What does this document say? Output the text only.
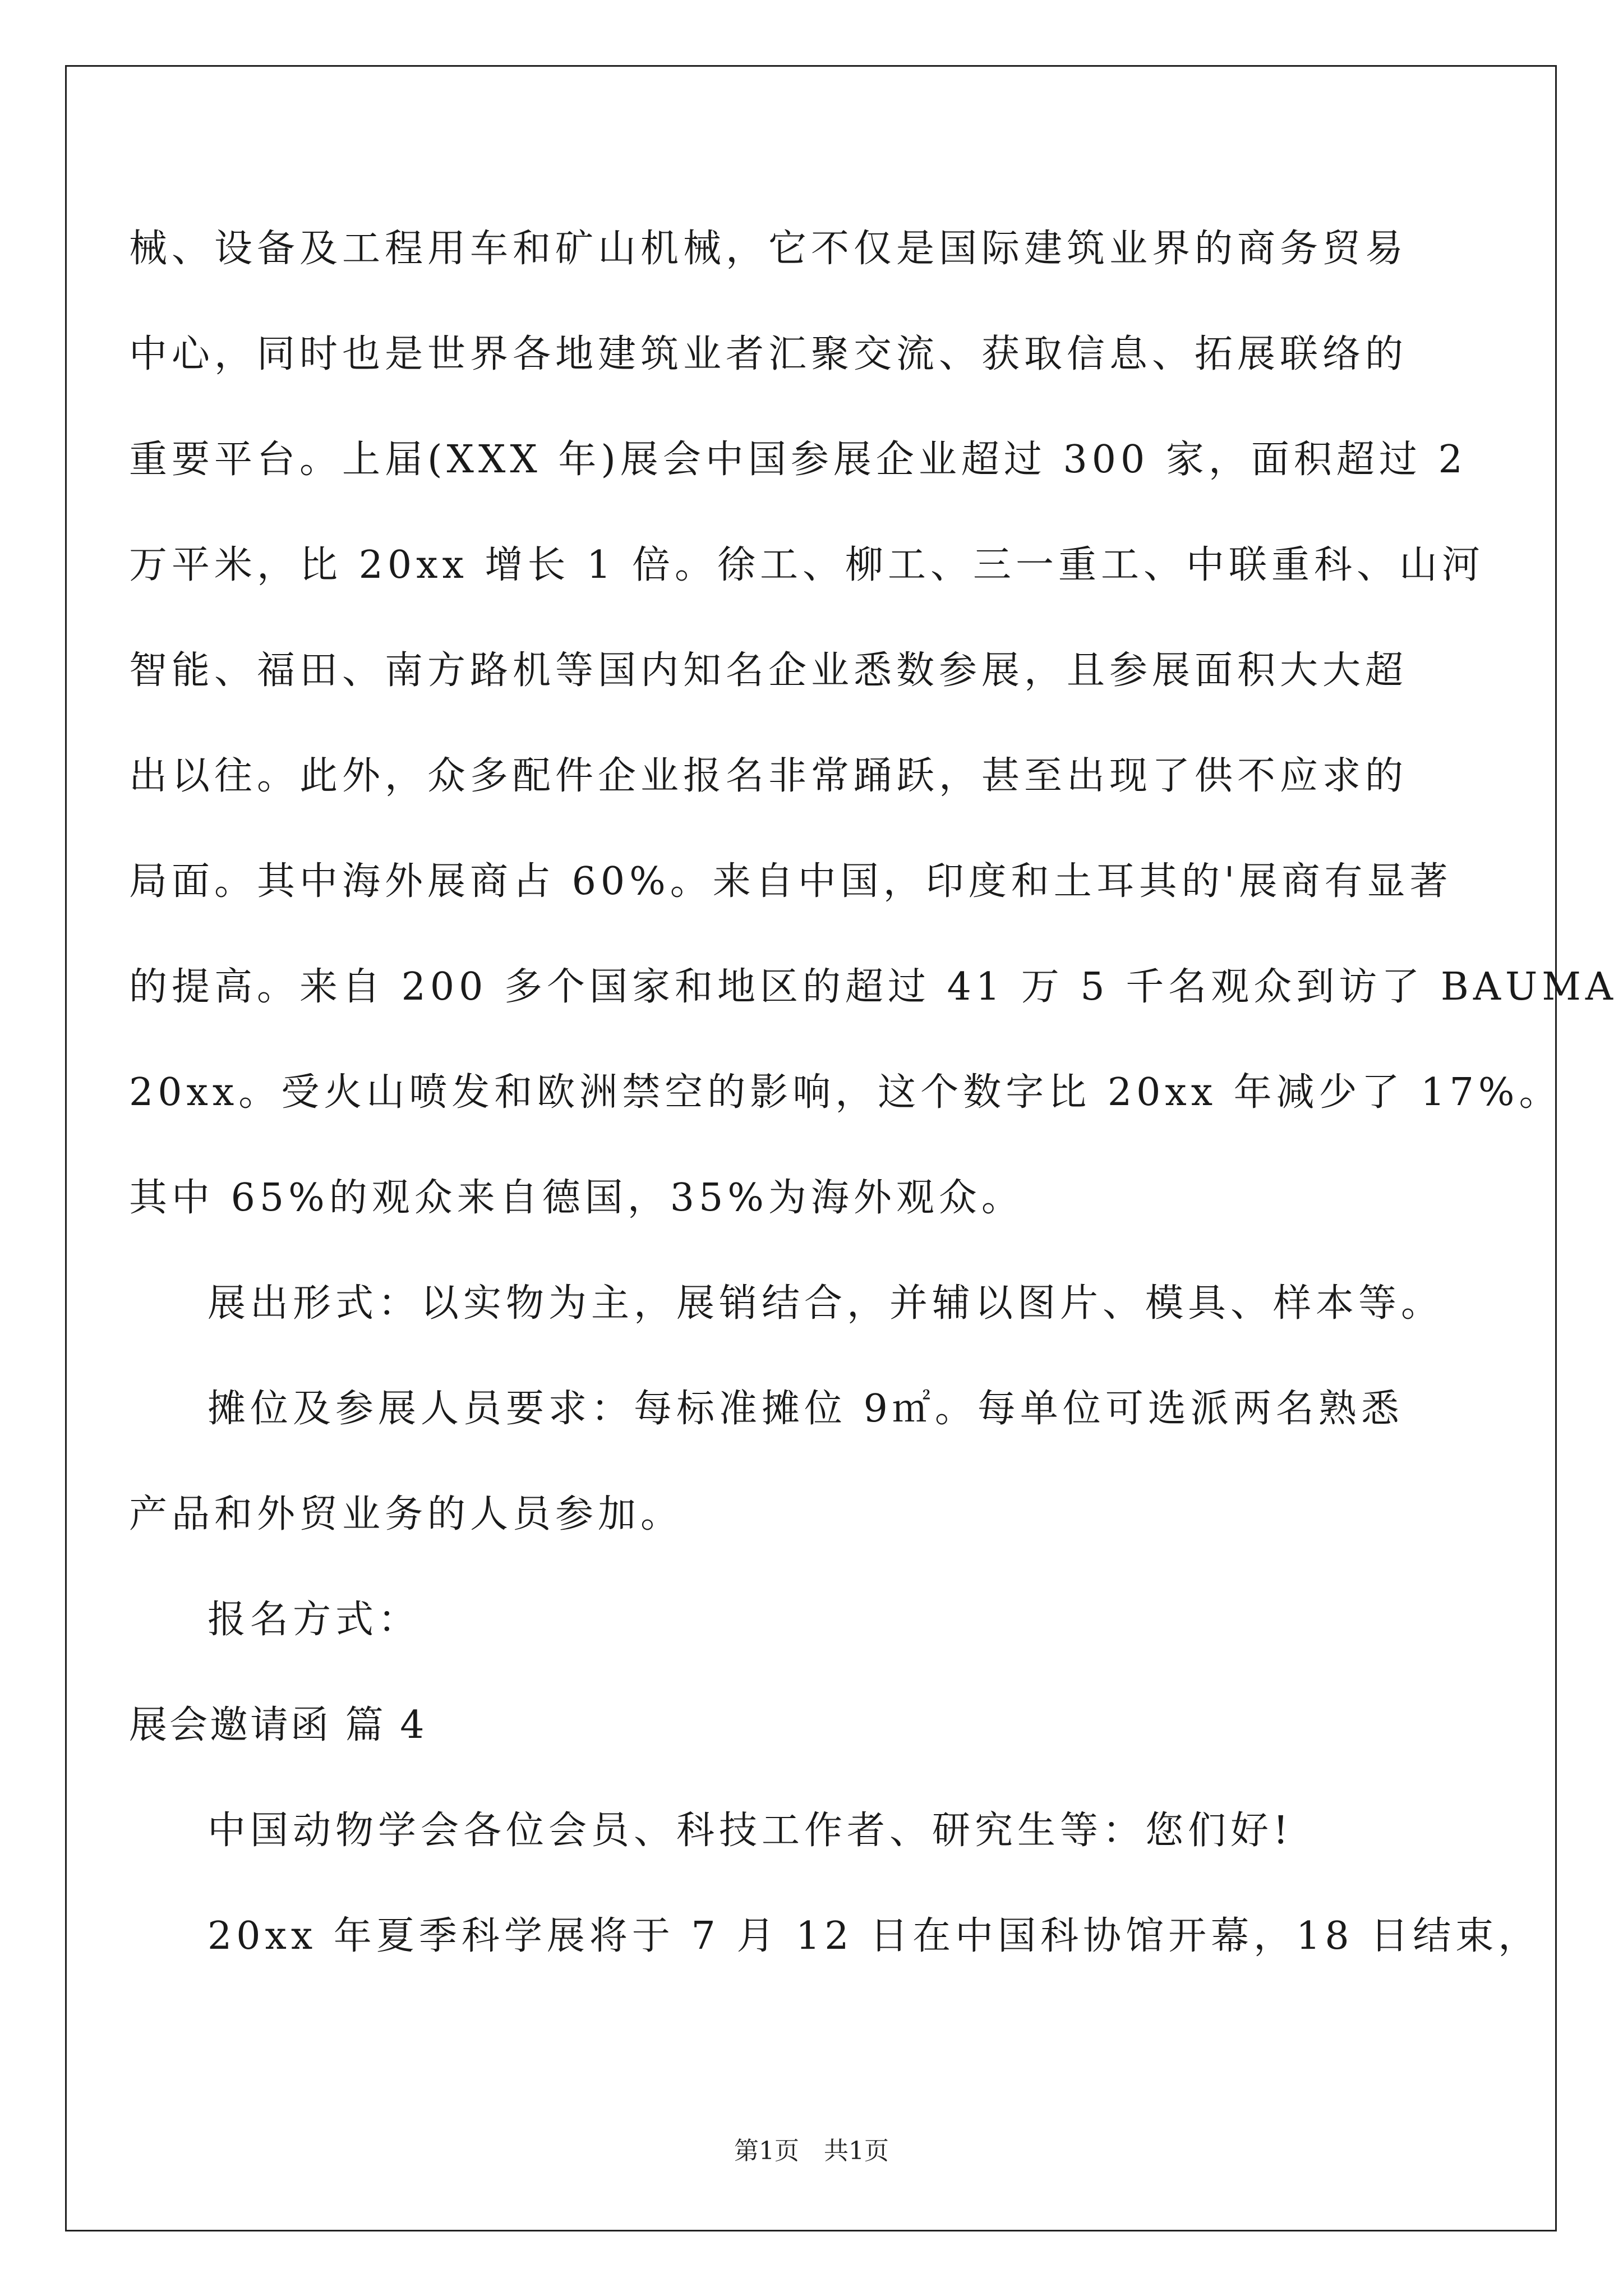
械、设备及工程用车和矿山机械，它不仅是国际建筑业界的商务贸易
中心，同时也是世界各地建筑业者汇聚交流、获取信息、拓展联络的
重要平台。上届(XXX 年)展会中国参展企业超过 300 家，面积超过 2
万平米，比 20xx 增长 1 倍。徐工、柳工、三一重工、中联重科、山河
智能、福田、南方路机等国内知名企业悉数参展，且参展面积大大超
出以往。此外，众多配件企业报名非常踊跃，甚至出现了供不应求的
局面。其中海外展商占 60%。来自中国，印度和土耳其的'展商有显著
的提高。来自 200 多个国家和地区的超过 41 万 5 千名观众到访了 BAUMA
20xx。受火山喷发和欧洲禁空的影响，这个数字比 20xx 年减少了 17%。
其中 65%的观众来自德国，35%为海外观众。
展出形式：以实物为主，展销结合，并辅以图片、模具、样本等。
摊位及参展人员要求：每标准摊位 9㎡。每单位可选派两名熟悉
产品和外贸业务的人员参加。
报名方式：
展会邀请函 篇 4
中国动物学会各位会员、科技工作者、研究生等：您们好!
20xx 年夏季科学展将于 7 月 12 日在中国科协馆开幕，18 日结束，
第1页　共1页
